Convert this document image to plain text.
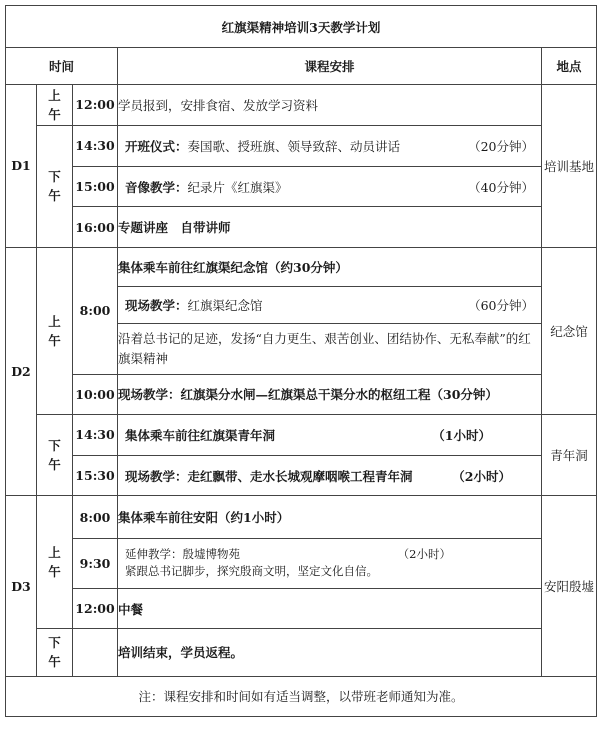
红旗渠精神培训3天教学计划				
时间			课程安排	地点
D1	上午	12:00	学员报到，安排食宿、发放学习资料	培训基地

	下午	14:30	开班仪式：奏国歌、授班旗、领导致辞、动员讲话 （20分钟）	

		15:00	音像教学：纪录片《红旗渠》 （40分钟）	

		16:00	专题讲座　自带讲师	
D2	上午	8:00	集体乘车前往红旗渠纪念馆（约30分钟）	纪念馆

			现场教学：红旗渠纪念馆 （60分钟）	

			沿着总书记的足迹，发扬“自力更生、艰苦创业、团结协作、无私奉献”的红旗渠精神	
		10:00	现场教学：红旗渠分水闸—红旗渠总干渠分水的枢纽工程（30分钟）	

	下午	14:30	集体乘车前往红旗渠青年洞 （1小时）	青年洞
		15:30	现场教学：走红飘带、走水长城观摩咽喉工程青年洞 （2小时）	

D3	上午	8:00	集体乘车前往安阳（约1小时）	安阳殷墟
		9:30	延伸教学：殷墟博物苑 （2小时）
紧跟总书记脚步，探究殷商文明，坚定文化自信。	

		12:00	中餐	

	下午		培训结束，学员返程。	
注：课程安排和时间如有适当调整，以带班老师通知为准。				
